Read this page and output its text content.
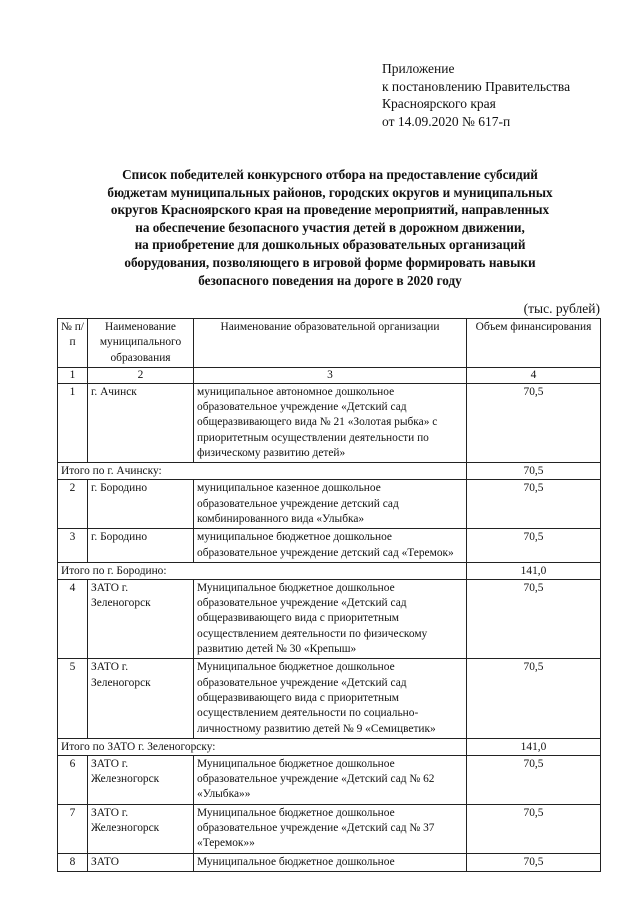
Приложение
к постановлению Правительства
Красноярского края
от 14.09.2020 № 617-п
Список победителей конкурсного отбора на предоставление субсидий
бюджетам муниципальных районов, городских округов и муниципальных
округов Красноярского края на проведение мероприятий, направленных
на обеспечение безопасного участия детей в дорожном движении,
на приобретение для дошкольных образовательных организаций
оборудования, позволяющего в игровой форме формировать навыки
безопасного поведения на дороге в 2020 году
(тыс. рублей)
№ п/п	Наименование муниципального образования	Наименование образовательной организации	Объем финансирования
1	2	3	4
1	г. Ачинск	муниципальное автономное дошкольное образовательное учреждение «Детский сад общеразвивающего вида № 21 «Золотая рыбка» с приоритетным осуществлении деятельности по физическому развитию детей»	70,5
Итого по г. Ачинску:			70,5
2	г. Бородино	муниципальное казенное дошкольное образовательное учреждение детский сад комбинированного вида «Улыбка»	70,5
3	г. Бородино	муниципальное бюджетное дошкольное образовательное учреждение детский сад «Теремок»	70,5
Итого по г. Бородино:			141,0
4	ЗАТО г. Зеленогорск	Муниципальное бюджетное дошкольное образовательное учреждение «Детский сад общеразвивающего вида с приоритетным осуществлением деятельности по физическому развитию детей № 30 «Крепыш»	70,5
5	ЗАТО г. Зеленогорск	Муниципальное бюджетное дошкольное образовательное учреждение «Детский сад общеразвивающего вида с приоритетным осуществлением деятельности по социально-личностному развитию детей № 9 «Семицветик»	70,5
Итого по ЗАТО г. Зеленогорску:			141,0
6	ЗАТО г. Железногорск	Муниципальное бюджетное дошкольное образовательное учреждение «Детский сад № 62 «Улыбка»»	70,5
7	ЗАТО г. Железногорск	Муниципальное бюджетное дошкольное образовательное учреждение «Детский сад № 37 «Теремок»»	70,5
8	ЗАТО	Муниципальное бюджетное дошкольное	70,5
